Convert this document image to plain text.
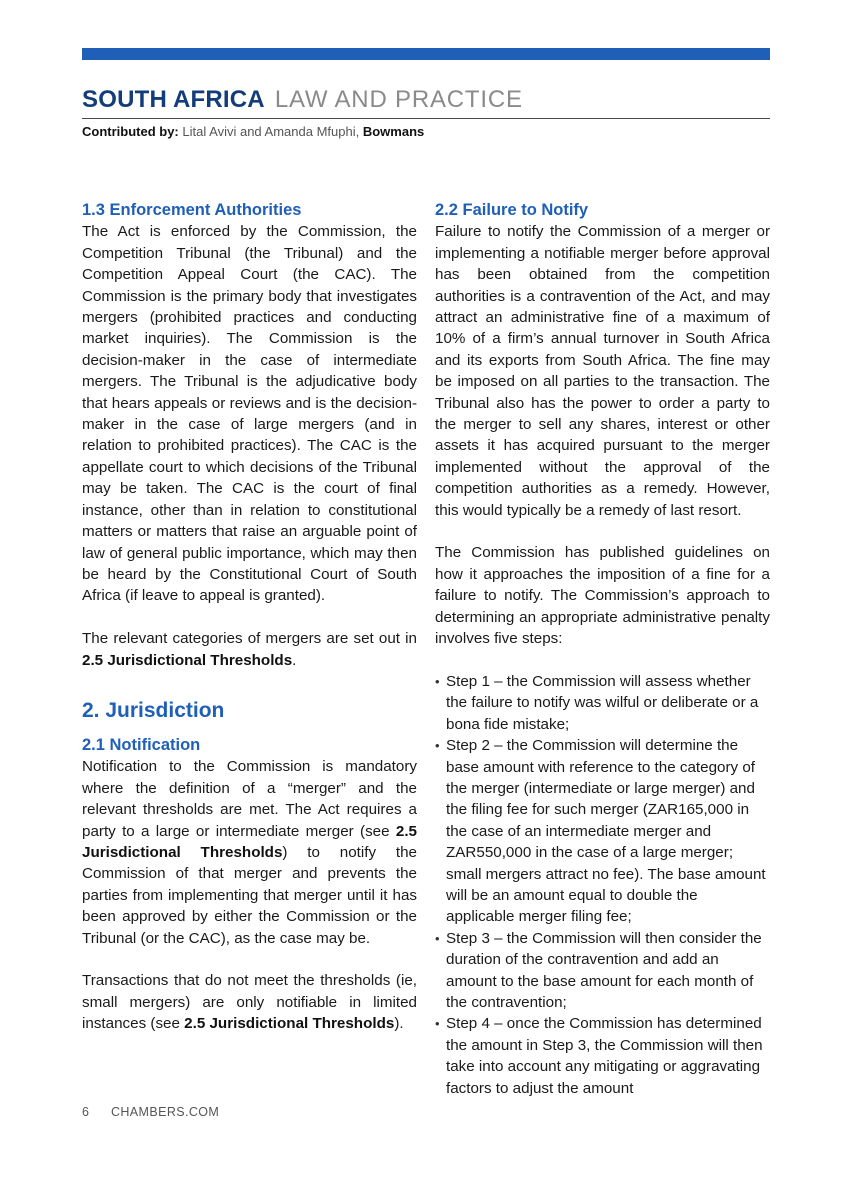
SOUTH AFRICA LAW AND PRACTICE
Contributed by: Lital Avivi and Amanda Mfuphi, Bowmans
1.3 Enforcement Authorities

The Act is enforced by the Commission, the Competition Tribunal (the Tribunal) and the Competition Appeal Court (the CAC). The Commission is the primary body that investigates mergers (prohibited practices and conducting market inquiries). The Commission is the decision-maker in the case of intermediate mergers. The Tribunal is the adjudicative body that hears appeals or reviews and is the decision-maker in the case of large mergers (and in relation to prohibited practices). The CAC is the appellate court to which decisions of the Tribunal may be taken. The CAC is the court of final instance, other than in relation to constitutional matters or matters that raise an arguable point of law of general public importance, which may then be heard by the Constitutional Court of South Africa (if leave to appeal is granted).

The relevant categories of mergers are set out in 2.5 Jurisdictional Thresholds.

2. Jurisdiction
2.1 Notification

Notification to the Commission is mandatory where the definition of a “merger” and the relevant thresholds are met. The Act requires a party to a large or intermediate merger (see 2.5 Jurisdictional Thresholds) to notify the Commission of that merger and prevents the parties from implementing that merger until it has been approved by either the Commission or the Tribunal (or the CAC), as the case may be.

Transactions that do not meet the thresholds (ie, small mergers) are only notifiable in limited instances (see 2.5 Jurisdictional Thresholds).

2.2 Failure to Notify

Failure to notify the Commission of a merger or implementing a notifiable merger before approval has been obtained from the competition authorities is a contravention of the Act, and may attract an administrative fine of a maximum of 10% of a firm’s annual turnover in South Africa and its exports from South Africa. The fine may be imposed on all parties to the transaction. The Tribunal also has the power to order a party to the merger to sell any shares, interest or other assets it has acquired pursuant to the merger implemented without the approval of the competition authorities as a remedy. However, this would typically be a remedy of last resort.

The Commission has published guidelines on how it approaches the imposition of a fine for a failure to notify. The Commission’s approach to determining an appropriate administrative penalty involves five steps:

• Step 1 – the Commission will assess whether the failure to notify was wilful or deliberate or a bona fide mistake;
• Step 2 – the Commission will determine the base amount with reference to the category of the merger (intermediate or large merger) and the filing fee for such merger (ZAR165,000 in the case of an intermediate merger and ZAR550,000 in the case of a large merger; small mergers attract no fee). The base amount will be an amount equal to double the applicable merger filing fee;
• Step 3 – the Commission will then consider the duration of the contravention and add an amount to the base amount for each month of the contravention;
• Step 4 – once the Commission has determined the amount in Step 3, the Commission will then take into account any mitigating or aggravating factors to adjust the amount
6 CHAMBERS.COM
